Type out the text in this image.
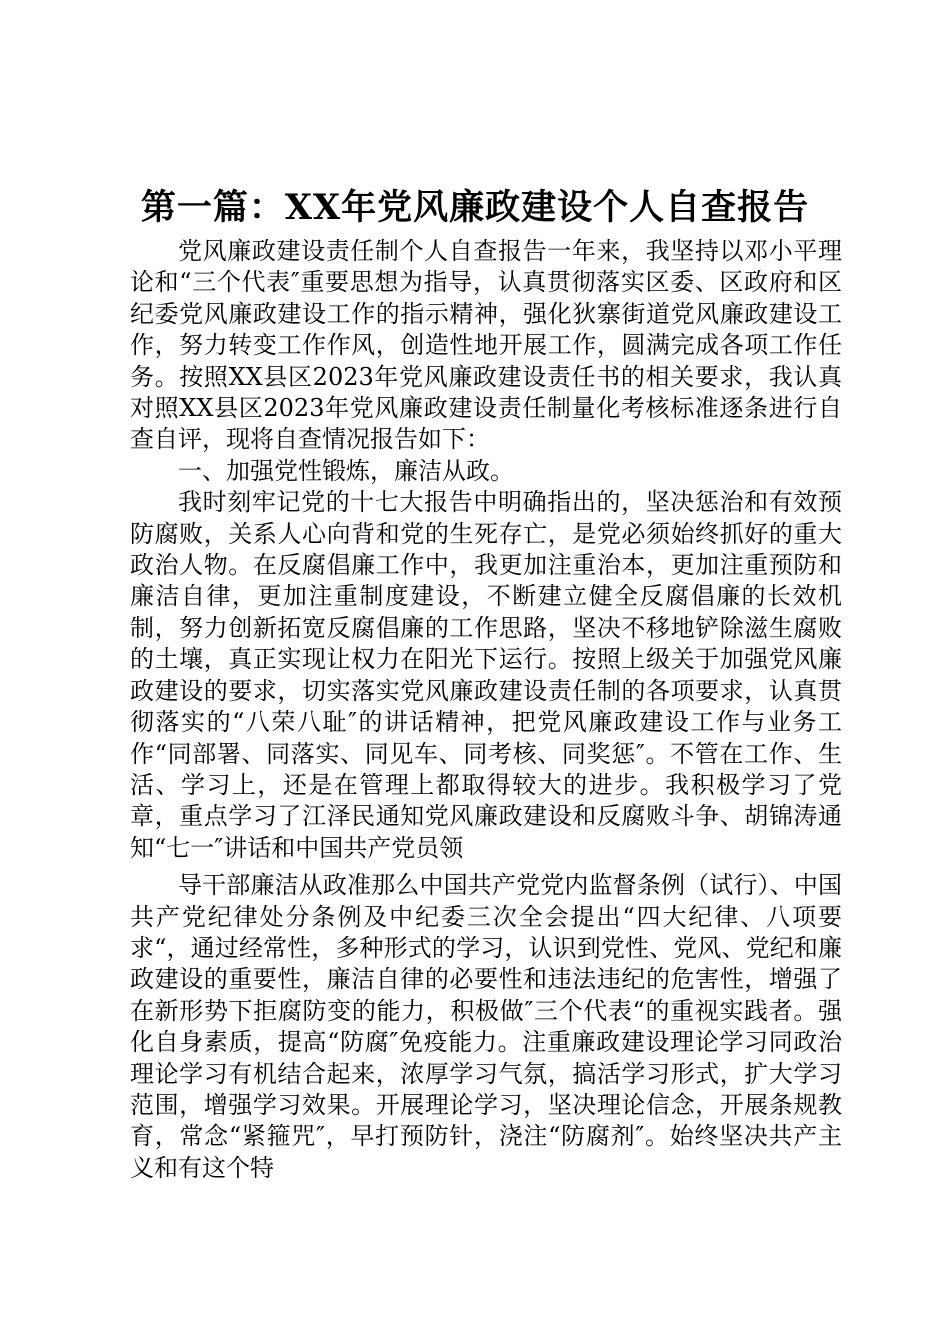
第一篇：XX年党风廉政建设个人自查报告

党风廉政建设责任制个人自查报告一年来，我坚持以邓小平理论和“三个代表″重要思想为指导，认真贯彻落实区委、区政府和区纪委党风廉政建设工作的指示精神，强化狄寨街道党风廉政建设工作，努力转变工作作风，创造性地开展工作，圆满完成各项工作任务。按照XX县区2023年党风廉政建设责任书的相关要求，我认真对照XX县区2023年党风廉政建设责任制量化考核标准逐条进行自查自评，现将自查情况报告如下：

一、加强党性锻炼，廉洁从政。

我时刻牢记党的十七大报告中明确指出的，坚决惩治和有效预防腐败，关系人心向背和党的生死存亡，是党必须始终抓好的重大政治人物。在反腐倡廉工作中，我更加注重治本，更加注重预防和廉洁自律，更加注重制度建设，不断建立健全反腐倡廉的长效机制，努力创新拓宽反腐倡廉的工作思路，坚决不移地铲除滋生腐败的土壤，真正实现让权力在阳光下运行。按照上级关于加强党风廉政建设的要求，切实落实党风廉政建设责任制的各项要求，认真贯彻落实的“八荣八耻″的讲话精神，把党风廉政建设工作与业务工作“同部署、同落实、同见车、同考核、同奖惩″。不管在工作、生活、学习上，还是在管理上都取得较大的进步。我积极学习了党章，重点学习了江泽民通知党风廉政建设和反腐败斗争、胡锦涛通知“七一″讲话和中国共产党员领

导干部廉洁从政准那么中国共产党党内监督条例（试行）、中国共产党纪律处分条例及中纪委三次全会提出“四大纪律、八项要求“，通过经常性，多种形式的学习，认识到党性、党风、党纪和廉政建设的重要性，廉洁自律的必要性和违法违纪的危害性，增强了在新形势下拒腐防变的能力，积极做″三个代表“的重视实践者。强化自身素质，提高“防腐″免疫能力。注重廉政建设理论学习同政治理论学习有机结合起来，浓厚学习气氛，搞活学习形式，扩大学习范围，增强学习效果。开展理论学习，坚决理论信念，开展条规教育，常念“紧箍咒″，早打预防针，浇注“防腐剂″。始终坚决共产主义和有这个特
